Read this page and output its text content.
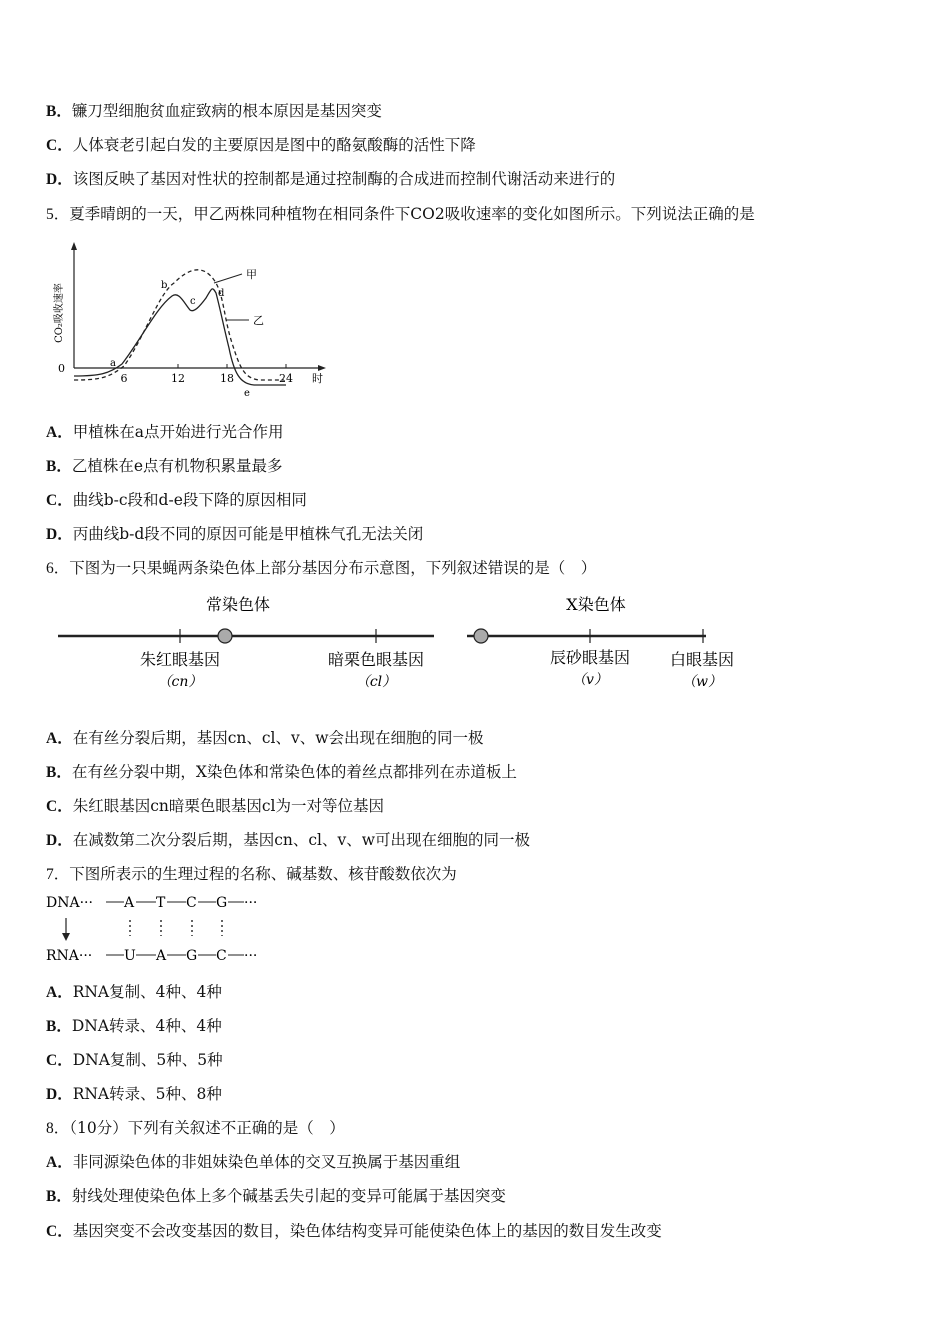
B．镰刀型细胞贫血症致病的根本原因是基因突变
C．人体衰老引起白发的主要原因是图中的酪氨酸酶的活性下降
D．该图反映了基因对性状的控制都是通过控制酶的合成进而控制代谢活动来进行的
5．夏季晴朗的一天，甲乙两株同种植物在相同条件下CO2吸收速率的变化如图所示。下列说法正确的是
CO₂吸收速率
0
6	12	18	24 时
a
b
c
d
e
甲
乙
A．甲植株在a点开始进行光合作用
B．乙植株在e点有机物积累量最多
C．曲线b-c段和d-e段下降的原因相同
D．丙曲线b-d段不同的原因可能是甲植株气孔无法关闭
6．下图为一只果蝇两条染色体上部分基因分布示意图，下列叙述错误的是（　）
常染色体	X染色体
朱红眼基因
（cn）
暗栗色眼基因
（cl）
辰砂眼基因
（v）
白眼基因
（w）
A．在有丝分裂后期，基因cn、cl、v、w会出现在细胞的同一极
B．在有丝分裂中期，X染色体和常染色体的着丝点都排列在赤道板上
C．朱红眼基因cn暗栗色眼基因cl为一对等位基因
D．在减数第二次分裂后期，基因cn、cl、v、w可出现在细胞的同一极
7．下图所表示的生理过程的名称、碱基数、核苷酸数依次为
DNA··· A T C G ···
RNA··· U A G C ···
A．RNA复制、4种、4种
B．DNA转录、4种、4种
C．DNA复制、5种、5种
D．RNA转录、5种、8种
8．（10分）下列有关叙述不正确的是（　）
A．非同源染色体的非姐妹染色单体的交叉互换属于基因重组
B．射线处理使染色体上多个碱基丢失引起的变异可能属于基因突变
C．基因突变不会改变基因的数目，染色体结构变异可能使染色体上的基因的数目发生改变
